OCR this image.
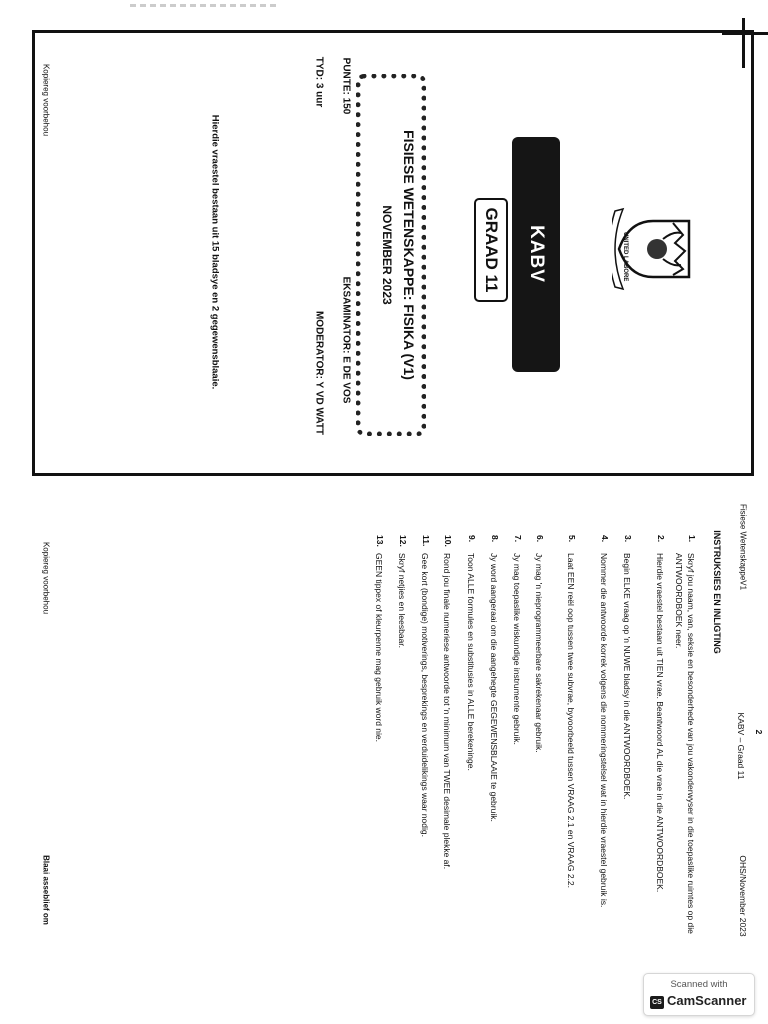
UNITED LABORE
KABV
GRAAD 11
FISIESE WETENSKAPPE: FISIKA (V1)
NOVEMBER 2023
EKSAMINATOR: E DE VOS
PUNTE: 150
MODERATOR: Y VD WATT
TYD: 3 uur
Hierdie vraestel bestaan uit 15 bladsye en 2 gegewensblaaie.
Kopiereg voorbehou
Fisiese WetenskappeV1
2
KABV – Graad 11
OHS/November 2023
INSTRUKSIES EN INLIGTING
1.
Skryf jou naam, van, seksie en besonderhede van jou vakonderwyser in die toepaslike ruimtes op die ANTWOORDBOEK neer.
2.
Hierdie vraestel bestaan uit TIEN vrae. Beantwoord AL die vrae in die ANTWOORDBOEK.
3.
Begin ELKE vraag op 'n NUWE bladsy in die ANTWOORDBOEK.
4.
Nommer die antwoorde korrek volgens die nommeringstelsel wat in hierdie vraestel gebruik is.
5.
Laat EEN reël oop tussen twee subvrae, byvoorbeeld tussen VRAAG 2.1 en VRAAG 2.2.
6.
Jy mag 'n nieprogrammeerbare sakrekenaar gebruik.
7.
Jy mag toepaslike wiskundige instrumente gebruik.
8.
Jy word aangeraai om die aangehegte GEGEWENSBLAAIE te gebruik.
9.
Toon ALLE formules en substitusies in ALLE berekeninge.
10.
Rond jou finale numeriese antwoorde tot 'n minimum van TWEE desimale plekke af.
11.
Gee kort (bondige) motiverings, besprekings en verduidelikings waar nodig.
12.
Skryf netjies en leesbaar.
13.
GEEN tippex of kleurpenne mag gebruik word nie.
Kopiereg voorbehou
Blaai asseblief om
Scanned with
CS CamScanner
